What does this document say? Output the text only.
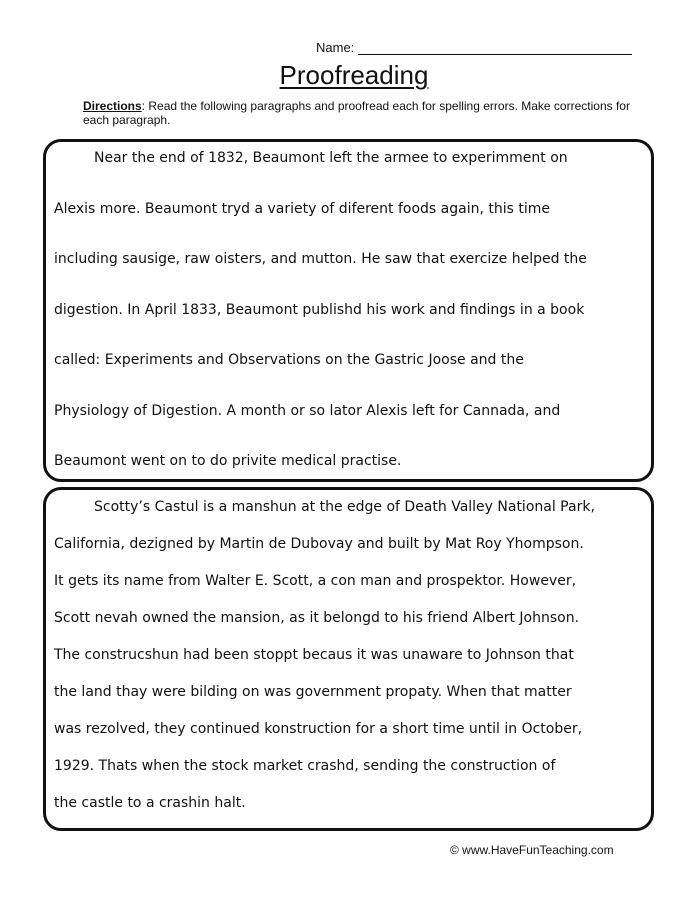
Name:
Proofreading
Directions: Read the following paragraphs and proofread each for spelling errors. Make corrections for each paragraph.
Near the end of 1832, Beaumont left the armee to experimment on
Alexis more. Beaumont tryd a variety of diferent foods again, this time
including sausige, raw oisters, and mutton. He saw that exercize helped the
digestion. In April 1833, Beaumont publishd his work and findings in a book
called: Experiments and Observations on the Gastric Joose and the
Physiology of Digestion. A month or so lator Alexis left for Cannada, and
Beaumont went on to do privite medical practise.
Scotty’s Castul is a manshun at the edge of Death Valley National Park,
California, dezigned by Martin de Dubovay and built by Mat Roy Yhompson.
It gets its name from Walter E. Scott, a con man and prospektor. However,
Scott nevah owned the mansion, as it belongd to his friend Albert Johnson.
The construcshun had been stoppt becaus it was unaware to Johnson that
the land thay were bilding on was government propaty. When that matter
was rezolved, they continued konstruction for a short time until in October,
1929. Thats when the stock market crashd, sending the construction of
the castle to a crashin halt.
© www.HaveFunTeaching.com
